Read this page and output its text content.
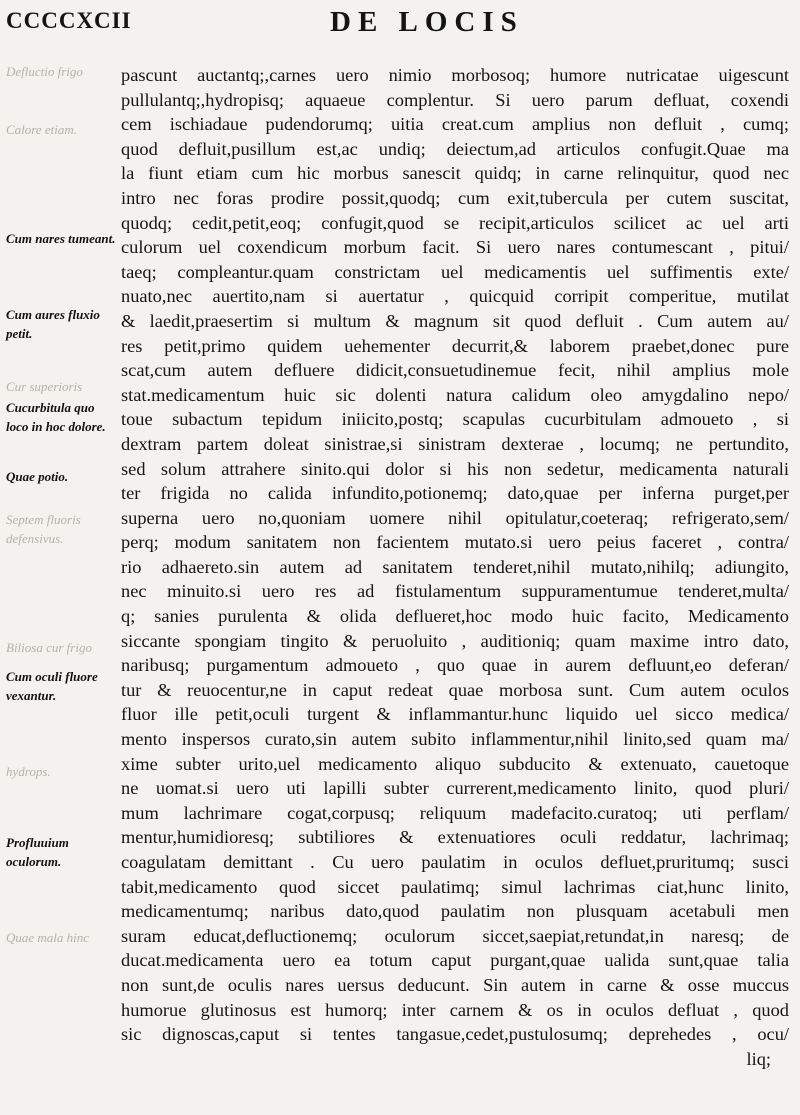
CCCCXCII	DE LOCIS
Defluctio frigo
Calore etiam.
Cum nares tumeant.
Cum aures fluxio petit.
Cur superioris
Cucurbitula quo loco in hoc dolore.
Quae potio.
Septem fluoris defensivus.
Biliosa cur frigo
Cum oculi fluore vexantur.
hydrops.
Profluuium oculorum.
Quae mala hinc
pascunt auctantq;,carnes uero nimio morbosoq; humore nutricatae uigescunt
pullulantq;,hydropisq; aquaeue complentur. Si uero parum defluat, coxendi
cem ischiadaue pudendorumq; uitia creat.cum amplius non defluit , cumq;
quod defluit,pusillum est,ac undiq; deiectum,ad articulos confugit.Quae ma
la fiunt etiam cum hic morbus sanescit quidq; in carne relinquitur, quod nec
intro nec foras prodire possit,quodq; cum exit,tubercula per cutem suscitat,
quodq; cedit,petit,eoq; confugit,quod se recipit,articulos scilicet ac uel arti
culorum uel coxendicum morbum facit. Si uero nares contumescant , pitui/
taeq; compleantur.quam constrictam uel medicamentis uel suffimentis exte/
nuato,nec auertito,nam si auertatur , quicquid corripit comperitue, mutilat
& laedit,praesertim si multum & magnum sit quod defluit . Cum autem au/
res petit,primo quidem uehementer decurrit,& laborem praebet,donec pure
scat,cum autem defluere didicit,consuetudinemue fecit, nihil amplius mole
stat.medicamentum huic sic dolenti natura calidum oleo amygdalino nepo/
toue subactum tepidum iniicito,postq; scapulas cucurbitulam admoueto , si
dextram partem doleat sinistrae,si sinistram dexterae , locumq; ne pertundito,
sed solum attrahere sinito.qui dolor si his non sedetur, medicamenta naturali
ter frigida no calida infundito,potionemq; dato,quae per inferna purget,per
superna uero no,quoniam uomere nihil opitulatur,coeteraq; refrigerato,sem/
perq; modum sanitatem non facientem mutato.si uero peius faceret , contra/
rio adhaereto.sin autem ad sanitatem tenderet,nihil mutato,nihilq; adiungito,
nec minuito.si uero res ad fistulamentum suppuramentumue tenderet,multa/
q; sanies purulenta & olida deflueret,hoc modo huic facito, Medicamento
siccante spongiam tingito & peruoluito , auditioniq; quam maxime intro dato,
naribusq; purgamentum admoueto , quo quae in aurem defluunt,eo deferan/
tur & reuocentur,ne in caput redeat quae morbosa sunt. Cum autem oculos
fluor ille petit,oculi turgent & inflammantur.hunc liquido uel sicco medica/
mento inspersos curato,sin autem subito inflammentur,nihil linito,sed quam ma/
xime subter urito,uel medicamento aliquo subducito & extenuato, cauetoque
ne uomat.si uero uti lapilli subter currerent,medicamento linito, quod pluri/
mum lachrimare cogat,corpusq; reliquum madefacito.curatoq; uti perflam/
mentur,humidioresq; subtiliores & extenuatiores oculi reddatur, lachrimaq;
coagulatam demittant . Cu uero paulatim in oculos defluet,pruritumq; susci
tabit,medicamento quod siccet paulatimq; simul lachrimas ciat,hunc linito,
medicamentumq; naribus dato,quod paulatim non plusquam acetabuli men
suram educat,defluctionemq; oculorum siccet,saepiat,retundat,in naresq; de
ducat.medicamenta uero ea totum caput purgant,quae ualida sunt,quae talia
non sunt,de oculis nares uersus deducunt. Sin autem in carne & osse muccus
humorue glutinosus est humorq; inter carnem & os in oculos defluat , quod
sic dignoscas,caput si tentes tangasue,cedet,pustulosumq; deprehedes , ocu/
liq;
